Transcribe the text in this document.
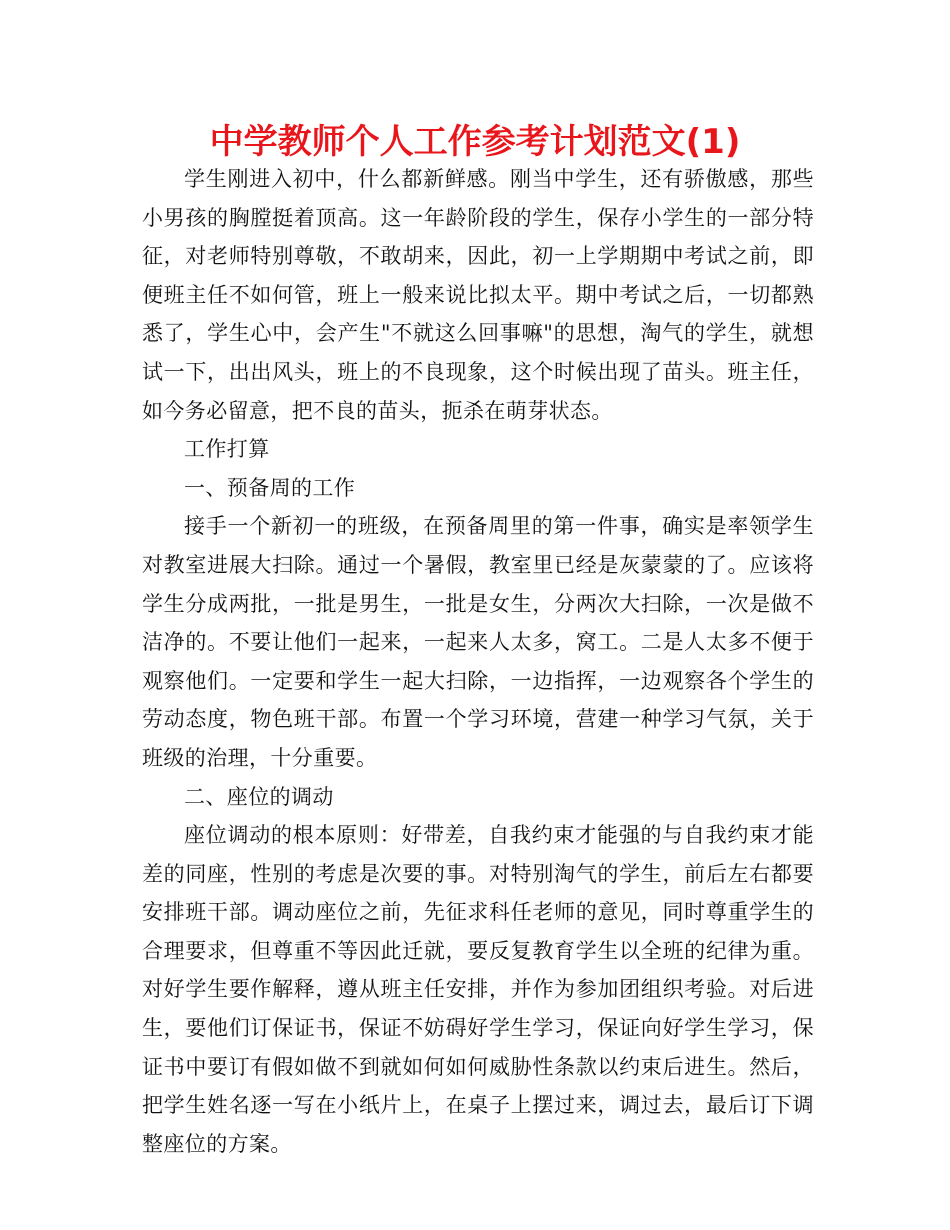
中学教师个人工作参考计划范文(1)

学生刚进入初中，什么都新鲜感。刚当中学生，还有骄傲感，那些小男孩的胸膛挺着顶高。这一年龄阶段的学生，保存小学生的一部分特征，对老师特别尊敬，不敢胡来，因此，初一上学期期中考试之前，即便班主任不如何管，班上一般来说比拟太平。期中考试之后，一切都熟悉了，学生心中，会产生"不就这么回事嘛"的思想，淘气的学生，就想试一下，出出风头，班上的不良现象，这个时候出现了苗头。班主任，如今务必留意，把不良的苗头，扼杀在萌芽状态。

工作打算

一、预备周的工作

接手一个新初一的班级，在预备周里的第一件事，确实是率领学生对教室进展大扫除。通过一个暑假，教室里已经是灰蒙蒙的了。应该将学生分成两批，一批是男生，一批是女生，分两次大扫除，一次是做不洁净的。不要让他们一起来，一起来人太多，窝工。二是人太多不便于观察他们。一定要和学生一起大扫除，一边指挥，一边观察各个学生的劳动态度，物色班干部。布置一个学习环境，营建一种学习气氛，关于班级的治理，十分重要。

二、座位的调动

座位调动的根本原则：好带差，自我约束才能强的与自我约束才能差的同座，性别的考虑是次要的事。对特别淘气的学生，前后左右都要安排班干部。调动座位之前，先征求科任老师的意见，同时尊重学生的合理要求，但尊重不等因此迁就，要反复教育学生以全班的纪律为重。对好学生要作解释，遵从班主任安排，并作为参加团组织考验。对后进生，要他们订保证书，保证不妨碍好学生学习，保证向好学生学习，保证书中要订有假如做不到就如何如何威胁性条款以约束后进生。然后，把学生姓名逐一写在小纸片上，在桌子上摆过来，调过去，最后订下调整座位的方案。
